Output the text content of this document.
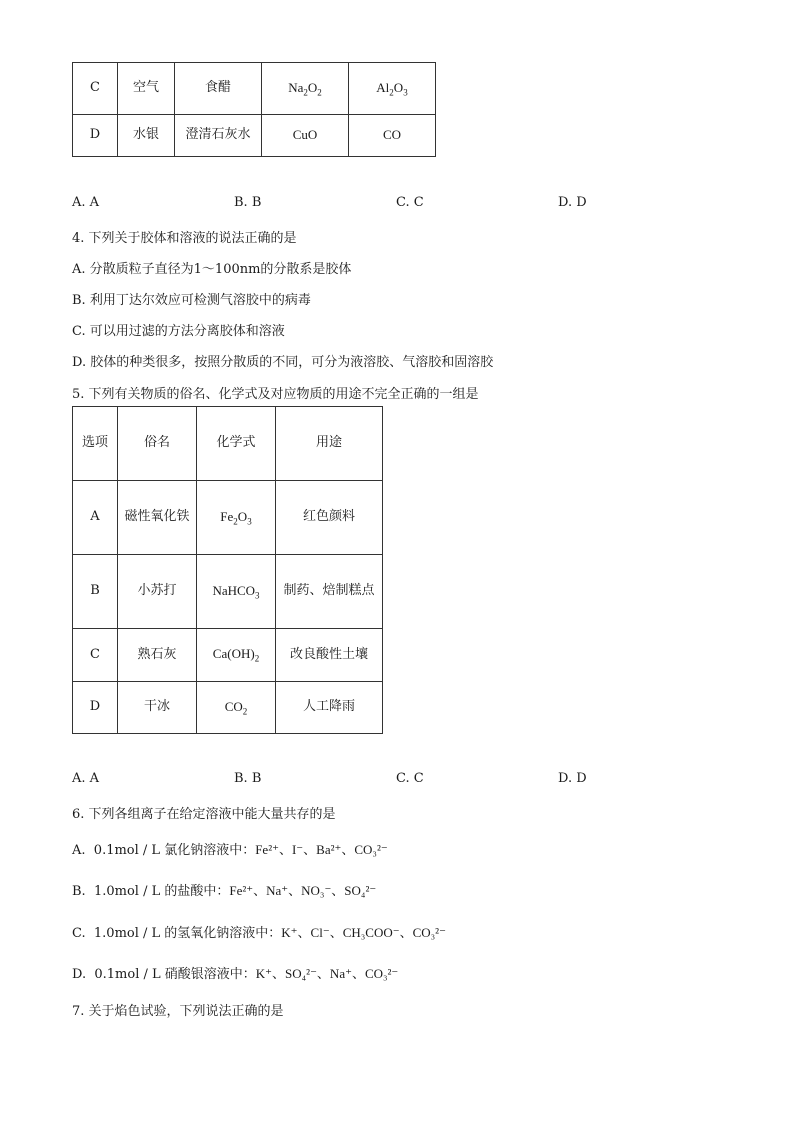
C	空气	食醋	$Na_2O_2$	$Al_2O_3$
D	水银	澄清石灰水	CuO	CO
A. A	B. B	C. C	D. D
4. 下列关于胶体和溶液的说法正确的是
A. 分散质粒子直径为1～100nm的分散系是胶体
B. 利用丁达尔效应可检测气溶胶中的病毒
C. 可以用过滤的方法分离胶体和溶液
D. 胶体的种类很多，按照分散质的不同，可分为液溶胶、气溶胶和固溶胶
5. 下列有关物质的俗名、化学式及对应物质的用途不完全正确的一组是
选项	俗名	化学式	用途
A	磁性氧化铁	$Fe_2O_3$	红色颜料
B	小苏打	NaHCO$_3$	制药、焙制糕点
C	熟石灰	$Ca(OH)_2$	改良酸性土壤
D	干冰	$CO_2$	人工降雨
A. A	B. B	C. C	D. D
6. 下列各组离子在给定溶液中能大量共存的是
A. 0.1mol / L 氯化钠溶液中：Fe²⁺、I⁻、Ba²⁺、CO₃²⁻
B. 1.0mol / L 的盐酸中：Fe²⁺、Na⁺、NO₃⁻、SO₄²⁻
C. 1.0mol / L 的氢氧化钠溶液中：K⁺、Cl⁻、CH₃COO⁻、CO₃²⁻
D. 0.1mol / L 硝酸银溶液中：K⁺、SO₄²⁻、Na⁺、CO₃²⁻
7. 关于焰色试验，下列说法正确的是
